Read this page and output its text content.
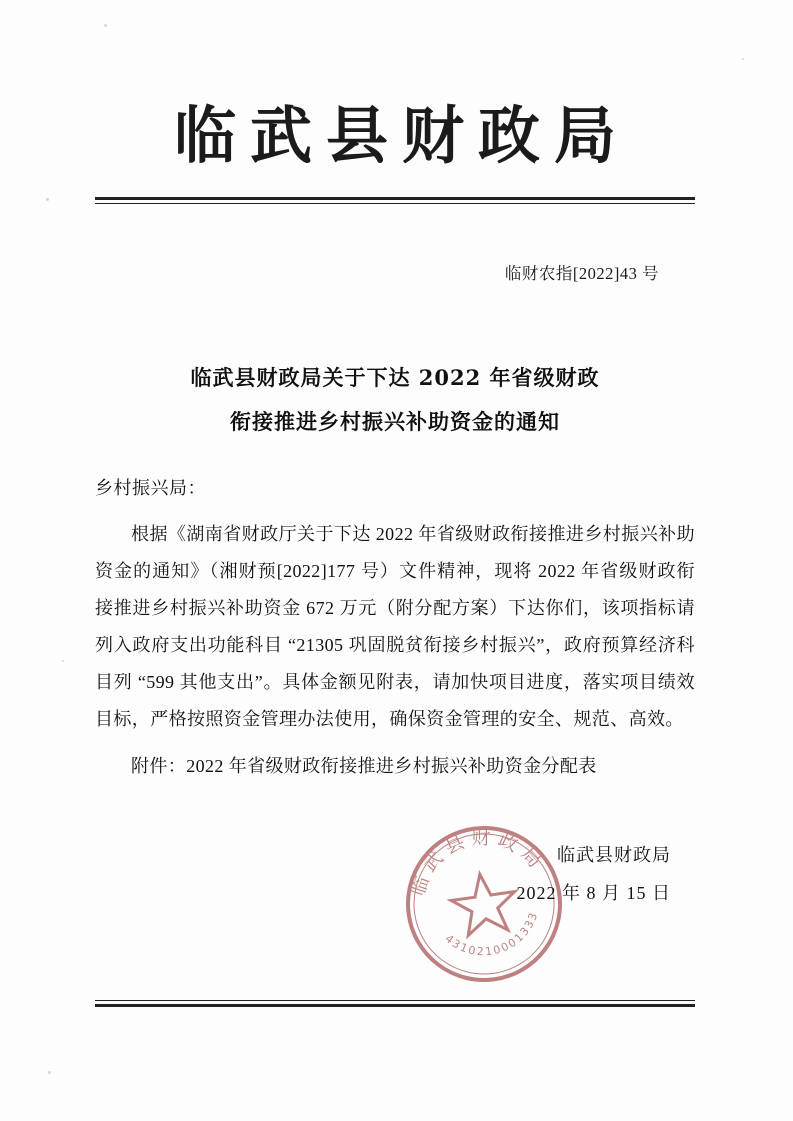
临武县财政局
临财农指[2022]43 号
临武县财政局关于下达 2022 年省级财政
衔接推进乡村振兴补助资金的通知
乡村振兴局：
根据《湖南省财政厅关于下达 2022 年省级财政衔接推进乡村振兴补助资金的通知》（湘财预[2022]177 号）文件精神，现将 2022 年省级财政衔接推进乡村振兴补助资金 672 万元（附分配方案）下达你们，该项指标请列入政府支出功能科目 “21305 巩固脱贫衔接乡村振兴”，政府预算经济科目列 “599 其他支出”。具体金额见附表，请加快项目进度，落实项目绩效目标，严格按照资金管理办法使用，确保资金管理的安全、规范、高效。
附件：2022 年省级财政衔接推进乡村振兴补助资金分配表
临武县财政局
2022 年 8 月 15 日
临武县财政局
4310210001333
